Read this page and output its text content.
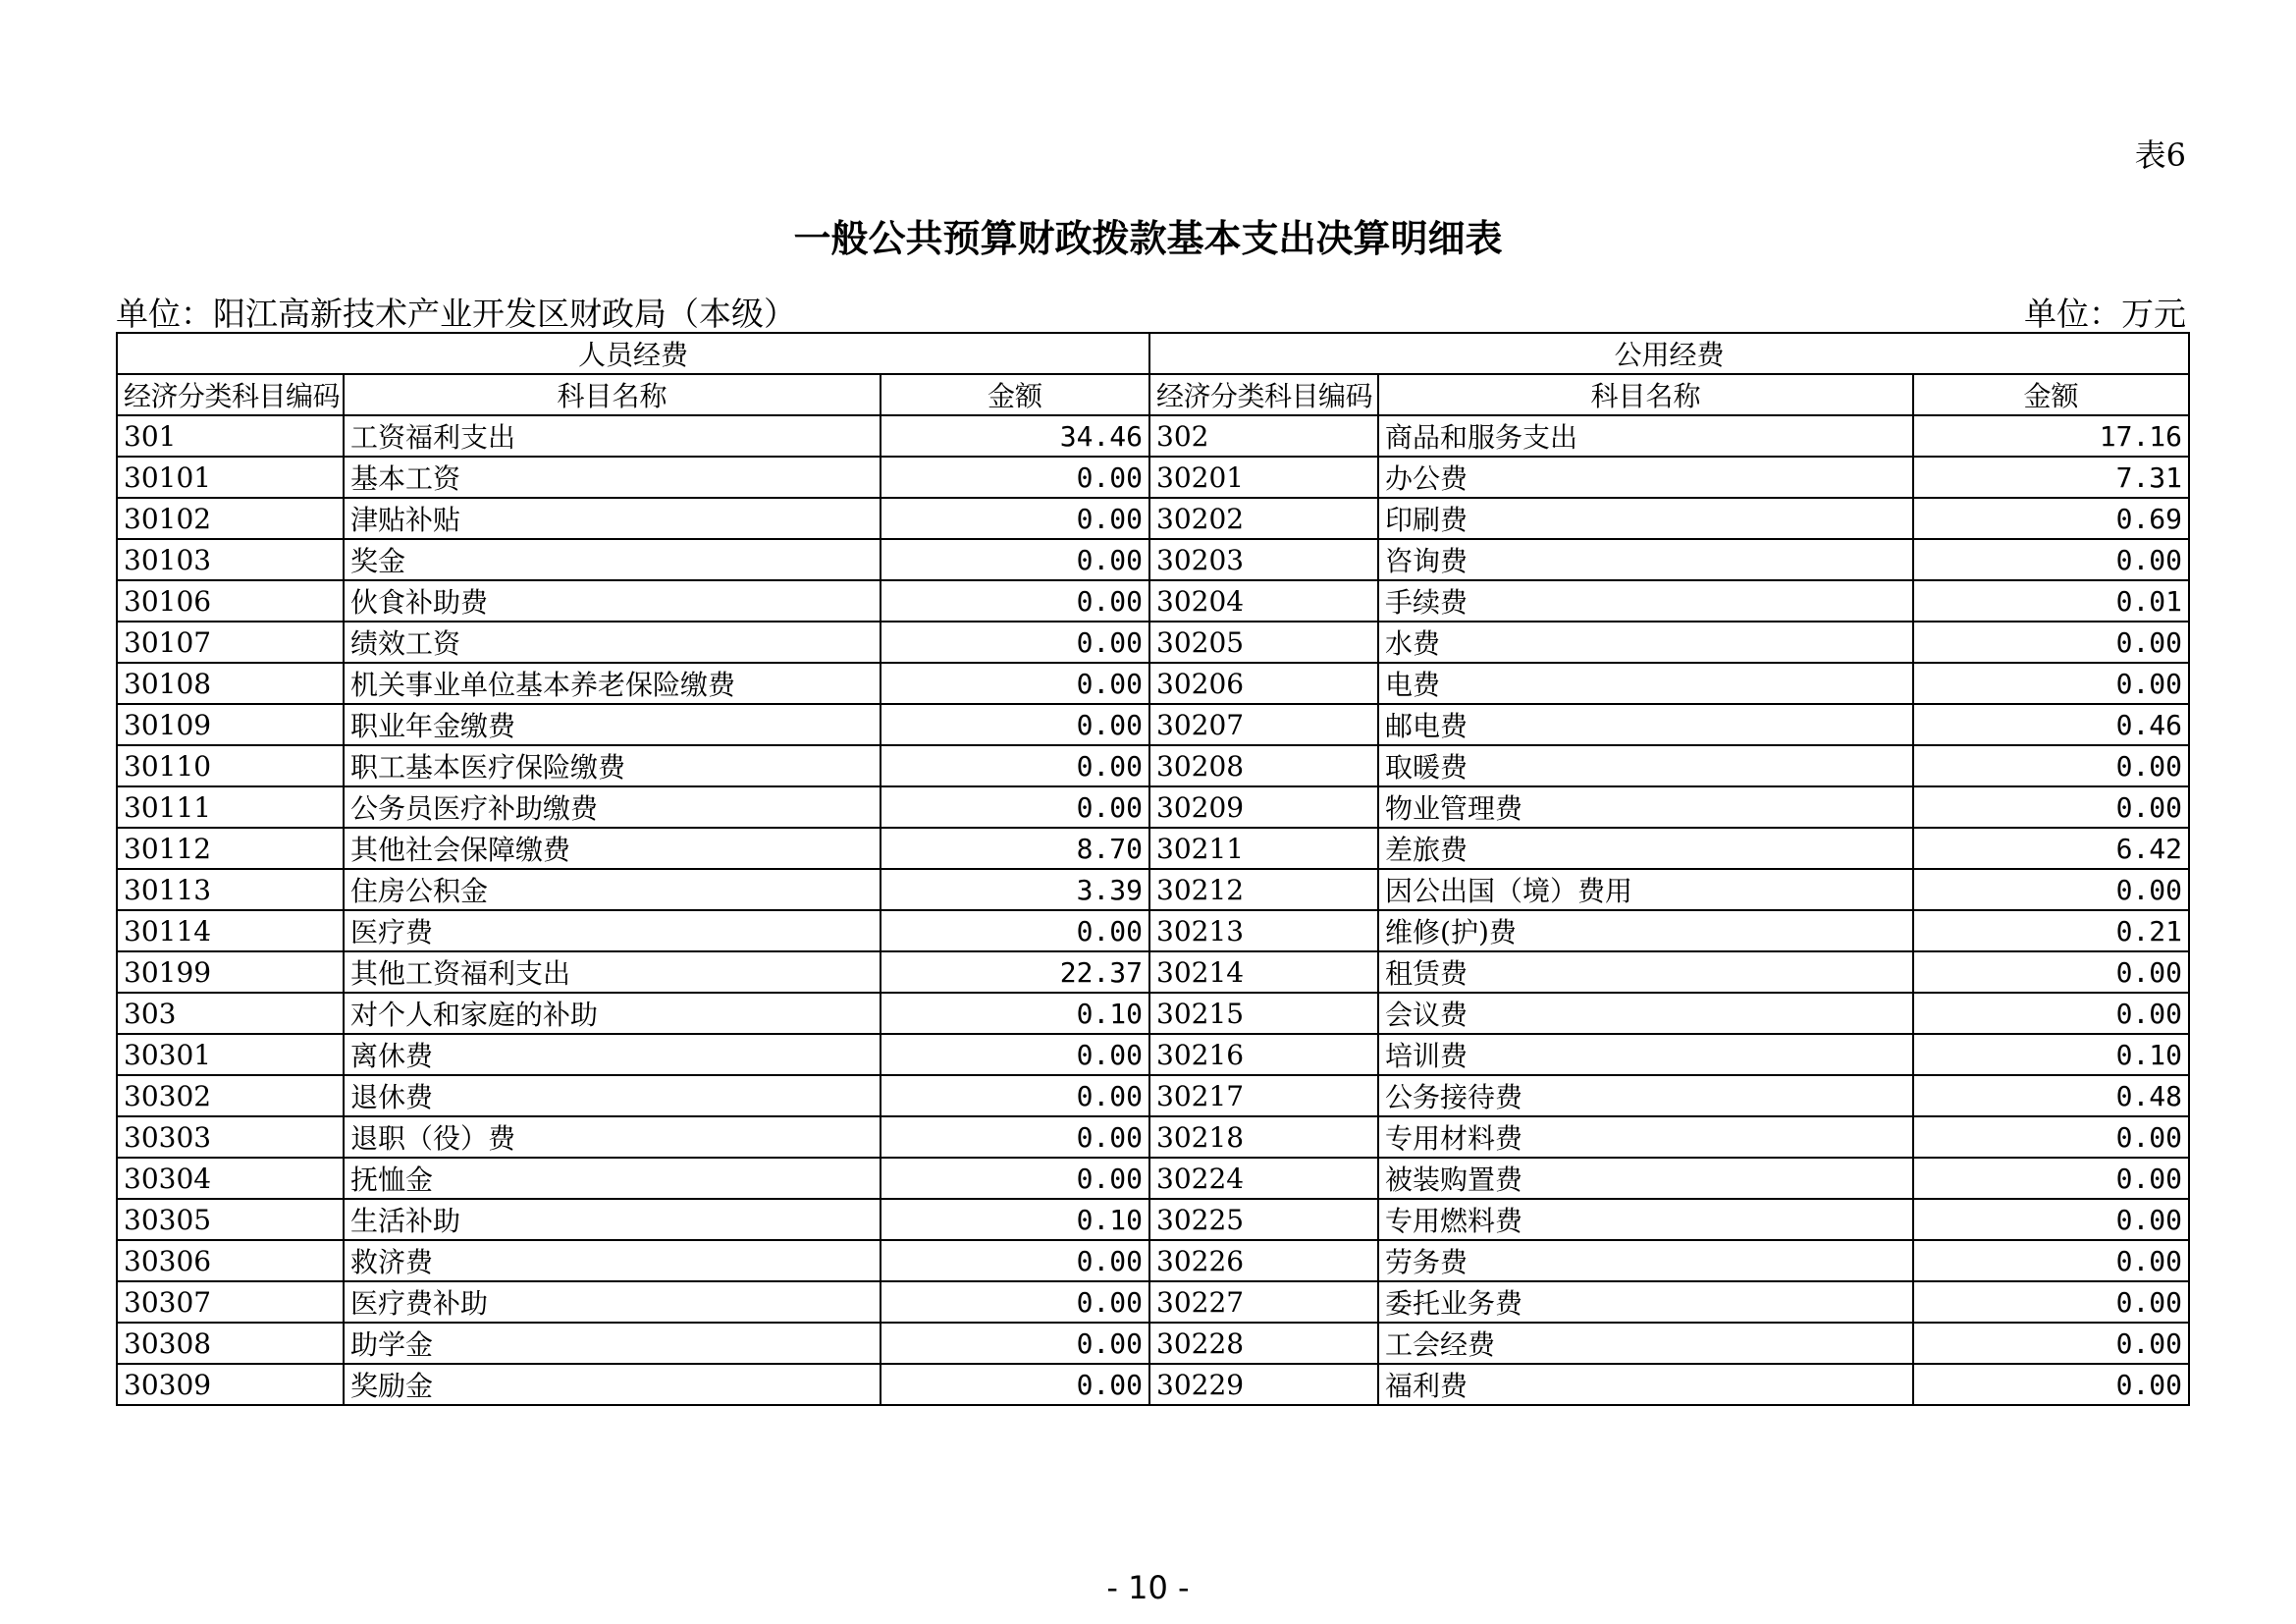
表6
一般公共预算财政拨款基本支出决算明细表
单位：阳江高新技术产业开发区财政局（本级）	单位：万元
人员经费			公用经费		
经济分类科目编码	科目名称	金额	经济分类科目编码	科目名称	金额
301	工资福利支出	34.46	302	商品和服务支出	17.16
30101	基本工资	0.00	30201	办公费	7.31
30102	津贴补贴	0.00	30202	印刷费	0.69
30103	奖金	0.00	30203	咨询费	0.00
30106	伙食补助费	0.00	30204	手续费	0.01
30107	绩效工资	0.00	30205	水费	0.00
30108	机关事业单位基本养老保险缴费	0.00	30206	电费	0.00
30109	职业年金缴费	0.00	30207	邮电费	0.46
30110	职工基本医疗保险缴费	0.00	30208	取暖费	0.00
30111	公务员医疗补助缴费	0.00	30209	物业管理费	0.00
30112	其他社会保障缴费	8.70	30211	差旅费	6.42
30113	住房公积金	3.39	30212	因公出国（境）费用	0.00
30114	医疗费	0.00	30213	维修(护)费	0.21
30199	其他工资福利支出	22.37	30214	租赁费	0.00
303	对个人和家庭的补助	0.10	30215	会议费	0.00
30301	离休费	0.00	30216	培训费	0.10
30302	退休费	0.00	30217	公务接待费	0.48
30303	退职（役）费	0.00	30218	专用材料费	0.00
30304	抚恤金	0.00	30224	被装购置费	0.00
30305	生活补助	0.10	30225	专用燃料费	0.00
30306	救济费	0.00	30226	劳务费	0.00
30307	医疗费补助	0.00	30227	委托业务费	0.00
30308	助学金	0.00	30228	工会经费	0.00
30309	奖励金	0.00	30229	福利费	0.00
- 10 -
